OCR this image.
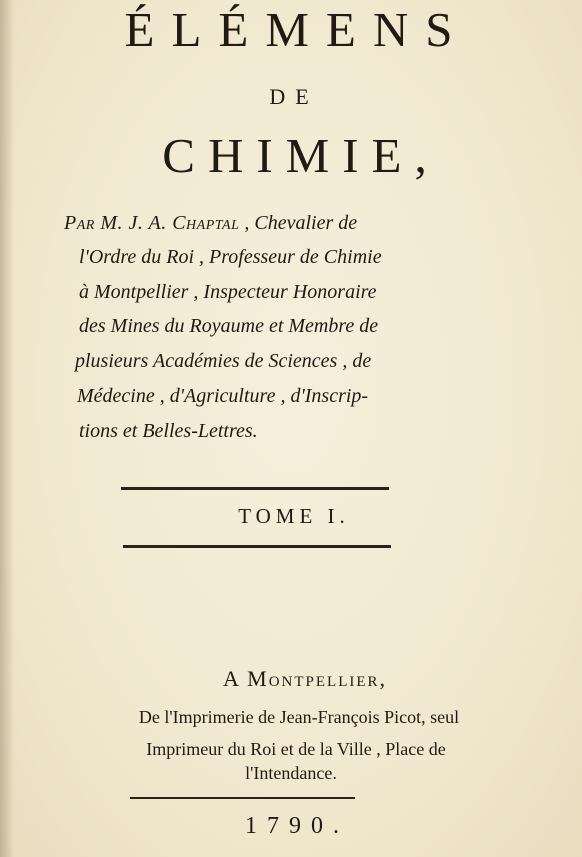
ÉLÉMENS
DE
CHIMIE,
Par M. J. A. Chaptal , Chevalier de
l'Ordre du Roi , Professeur de Chimie
à Montpellier , Inspecteur Honoraire
des Mines du Royaume et Membre de
plusieurs Académies de Sciences , de
Médecine , d'Agriculture , d'Inscrip-
tions et Belles-Lettres.
TOME I.
A Montpellier,
De l'Imprimerie de Jean-François Picot, seul
Imprimeur du Roi et de la Ville , Place de
l'Intendance.
1790.
